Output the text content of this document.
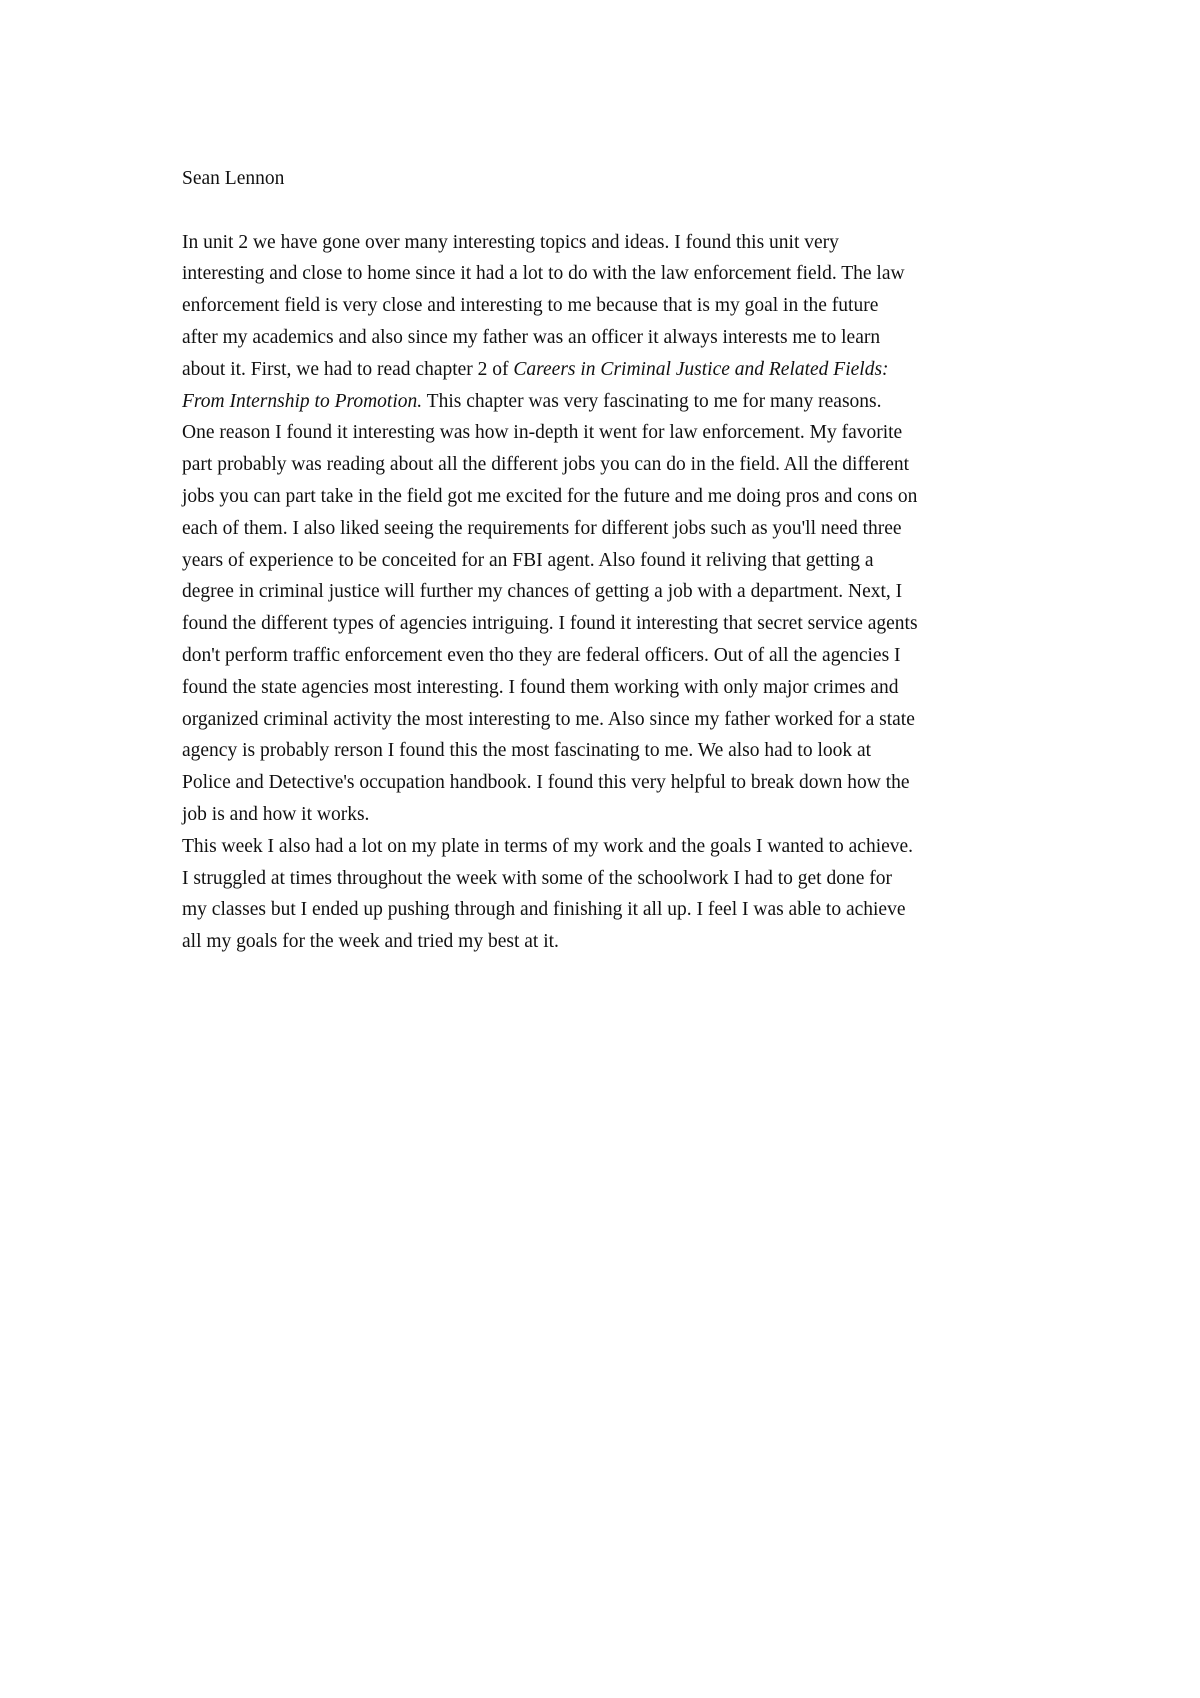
Sean Lennon

In unit 2 we have gone over many interesting topics and ideas. I found this unit very
interesting and close to home since it had a lot to do with the law enforcement field. The law
enforcement field is very close and interesting to me because that is my goal in the future
after my academics and also since my father was an officer it always interests me to learn
about it. First, we had to read chapter 2 of Careers in Criminal Justice and Related Fields:
From Internship to Promotion. This chapter was very fascinating to me for many reasons.
One reason I found it interesting was how in-depth it went for law enforcement. My favorite
part probably was reading about all the different jobs you can do in the field. All the different
jobs you can part take in the field got me excited for the future and me doing pros and cons on
each of them. I also liked seeing the requirements for different jobs such as you'll need three
years of experience to be conceited for an FBI agent. Also found it reliving that getting a
degree in criminal justice will further my chances of getting a job with a department. Next, I
found the different types of agencies intriguing. I found it interesting that secret service agents
don't perform traffic enforcement even tho they are federal officers. Out of all the agencies I
found the state agencies most interesting. I found them working with only major crimes and
organized criminal activity the most interesting to me. Also since my father worked for a state
agency is probably rerson I found this the most fascinating to me. We also had to look at
Police and Detective's occupation handbook. I found this very helpful to break down how the
job is and how it works.
This week I also had a lot on my plate in terms of my work and the goals I wanted to achieve.
I struggled at times throughout the week with some of the schoolwork I had to get done for
my classes but I ended up pushing through and finishing it all up. I feel I was able to achieve
all my goals for the week and tried my best at it.
